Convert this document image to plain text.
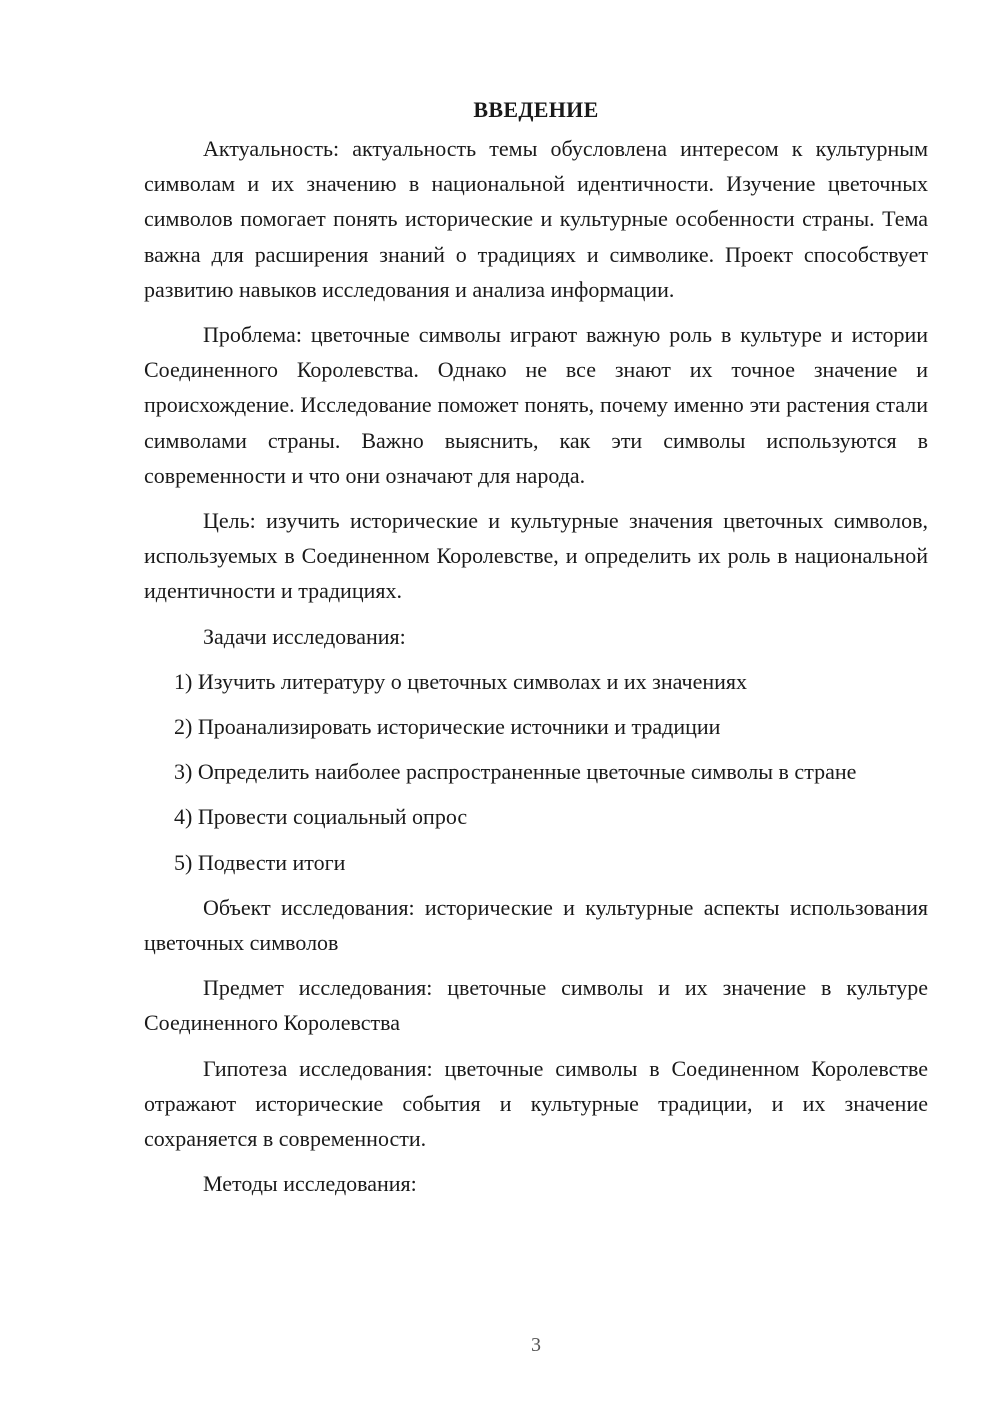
ВВЕДЕНИЕ

Актуальность: актуальность темы обусловлена интересом к культурным символам и их значению в национальной идентичности. Изучение цветочных символов помогает понять исторические и культурные особенности страны. Тема важна для расширения знаний о традициях и символике. Проект способствует развитию навыков исследования и анализа информации.

Проблема: цветочные символы играют важную роль в культуре и истории Соединенного Королевства. Однако не все знают их точное значение и происхождение. Исследование поможет понять, почему именно эти растения стали символами страны. Важно выяснить, как эти символы используются в современности и что они означают для народа.

Цель: изучить исторические и культурные значения цветочных символов, используемых в Соединенном Королевстве, и определить их роль в национальной идентичности и традициях.

Задачи исследования:

1) Изучить литературу о цветочных символах и их значениях

2) Проанализировать исторические источники и традиции

3) Определить наиболее распространенные цветочные символы в стране

4) Провести социальный опрос

5) Подвести итоги

Объект исследования: исторические и культурные аспекты использования цветочных символов

Предмет исследования: цветочные символы и их значение в культуре Соединенного Королевства

Гипотеза исследования: цветочные символы в Соединенном Королевстве отражают исторические события и культурные традиции, и их значение сохраняется в современности.

Методы исследования:

3
